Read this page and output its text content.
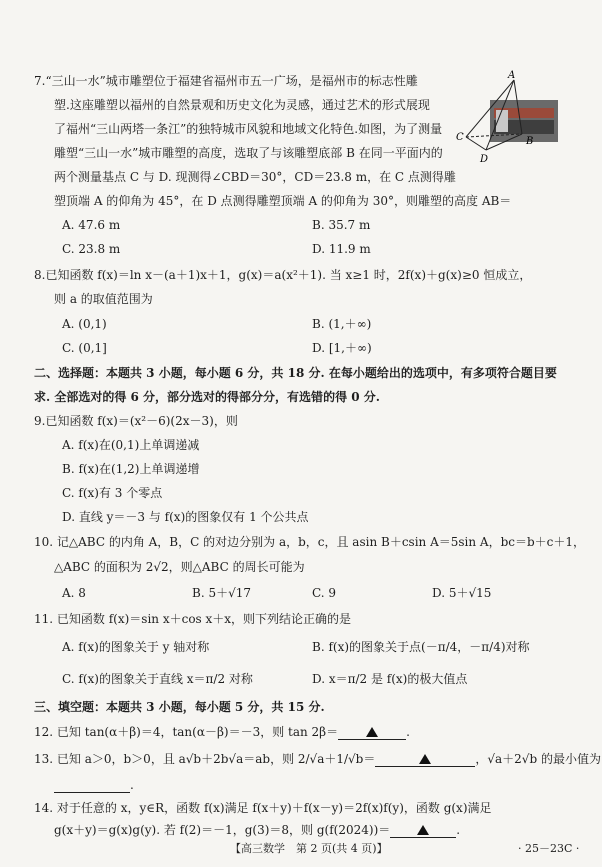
7.“三山一水”城市雕塑位于福建省福州市五一广场，是福州市的标志性雕
塑.这座雕塑以福州的自然景观和历史文化为灵感，通过艺术的形式展现
了福州“三山两塔一条江”的独特城市风貌和地域文化特色.如图，为了测量
雕塑“三山一水”城市雕塑的高度，选取了与该雕塑底部 B 在同一平面内的
两个测量基点 C 与 D. 现测得∠CBD＝30°，CD＝23.8 m，在 C 点测得雕
塑顶端 A 的仰角为 45°，在 D 点测得雕塑顶端 A 的仰角为 30°，则雕塑的高度 AB＝
A. 47.6 m	B. 35.7 m
C. 23.8 m	D. 11.9 m
A
B
C
D
8.已知函数 f(x)＝ln x－(a＋1)x＋1，g(x)＝a(x²＋1). 当 x≥1 时，2f(x)＋g(x)≥0 恒成立，
则 a 的取值范围为
A. (0,1)	B. (1,＋∞)
C. (0,1]	D. [1,＋∞)
二、选择题：本题共 3 小题，每小题 6 分，共 18 分. 在每小题给出的选项中，有多项符合题目要
求. 全部选对的得 6 分，部分选对的得部分分，有选错的得 0 分.
9.已知函数 f(x)＝(x²－6)(2x－3)，则
A. f(x)在(0,1)上单调递减
B. f(x)在(1,2)上单调递增
C. f(x)有 3 个零点
D. 直线 y＝－3 与 f(x)的图象仅有 1 个公共点
10. 记△ABC 的内角 A，B，C 的对边分别为 a，b，c，且 asin B＋csin A＝5sin A，bc＝b＋c＋1，
△ABC 的面积为 2√2，则△ABC 的周长可能为
A. 8	B. 5＋√17	C. 9	D. 5＋√15
11. 已知函数 f(x)＝sin x＋cos x＋x，则下列结论正确的是
A. f(x)的图象关于 y 轴对称	B. f(x)的图象关于点(－π/4，－π/4)对称
C. f(x)的图象关于直线 x＝π/2 对称	D. x＝π/2 是 f(x)的极大值点
三、填空题：本题共 3 小题，每小题 5 分，共 15 分.
12. 已知 tan(α＋β)＝4，tan(α－β)＝－3，则 tan 2β＝	.
13. 已知 a＞0，b＞0，且 a√b＋2b√a＝ab，则 2/√a＋1/√b＝	，√a＋2√b 的最小值为
.
14. 对于任意的 x，y∈R，函数 f(x)满足 f(x＋y)＋f(x－y)＝2f(x)f(y)，函数 g(x)满足
g(x＋y)＝g(x)g(y). 若 f(2)＝－1，g(3)＝8，则 g(f(2024))＝	.
【高三数学　第 2 页(共 4 页)】	· 25－23C ·
